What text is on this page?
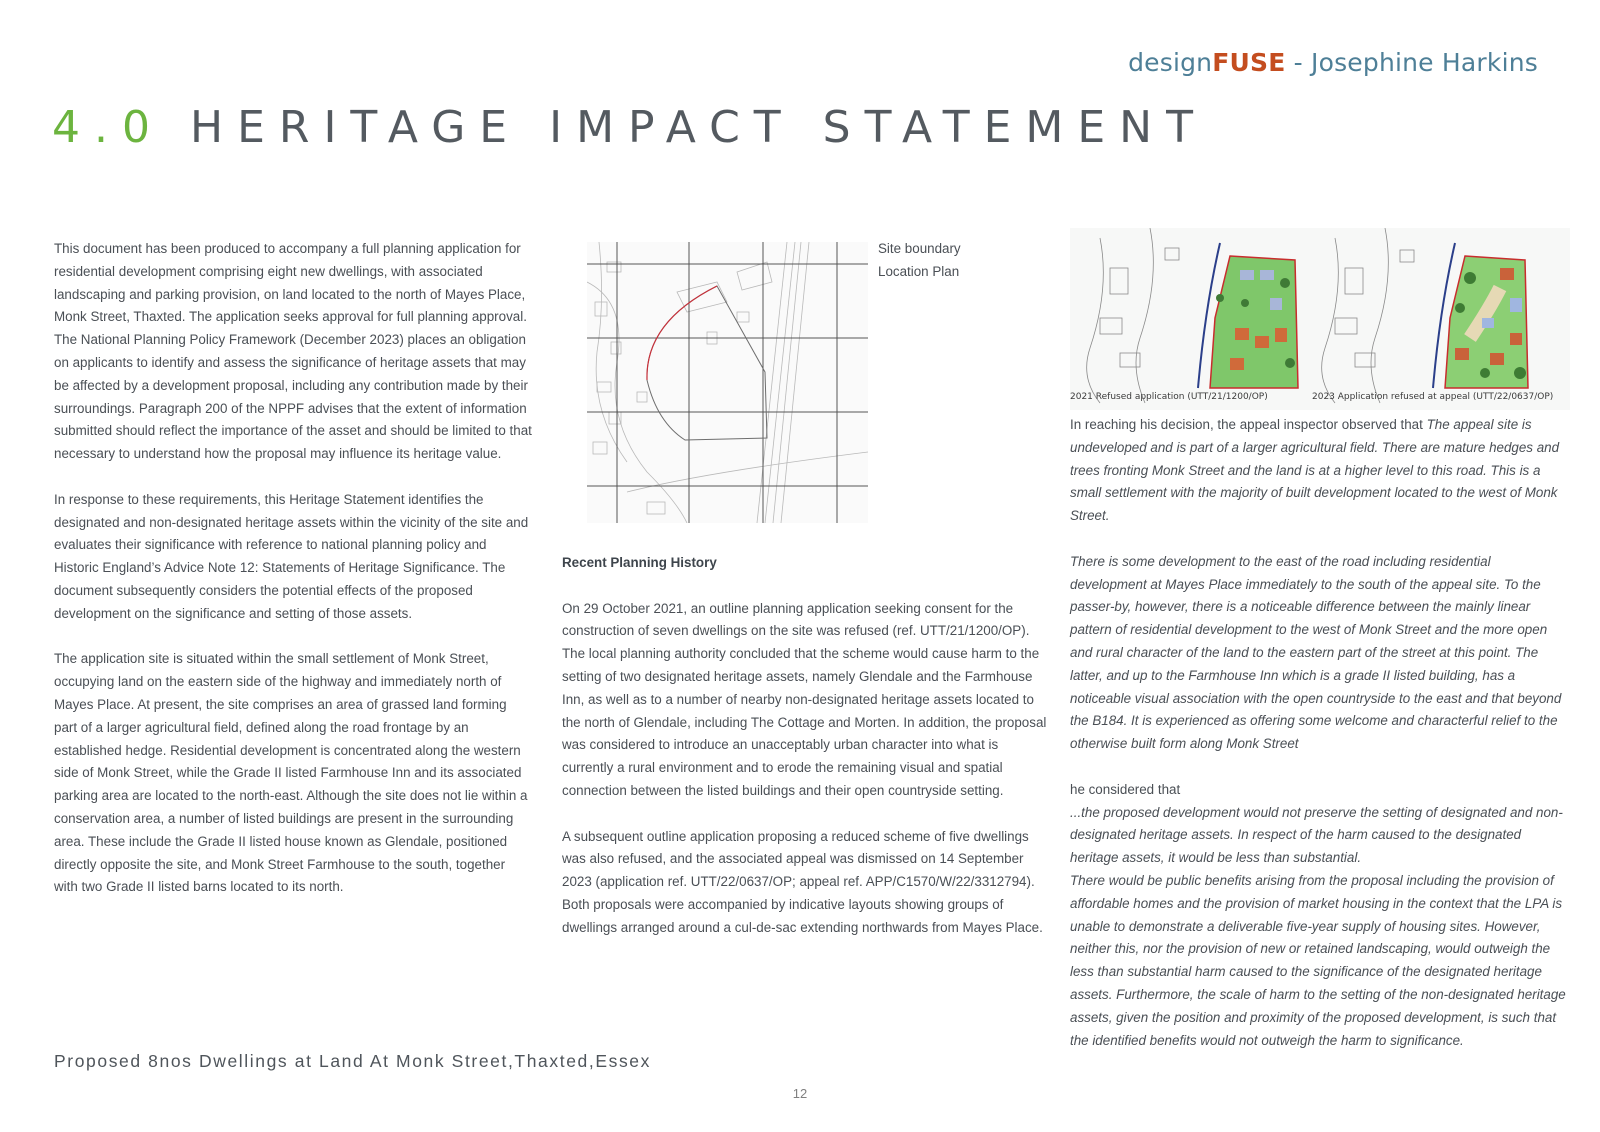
designFUSE - Josephine Harkins
4.0 HERITAGE IMPACT STATEMENT

This document has been produced to accompany a full planning application for residential development comprising eight new dwellings, with associated landscaping and parking provision, on land located to the north of Mayes Place, Monk Street, Thaxted. The application seeks approval for full planning approval.

The National Planning Policy Framework (December 2023) places an obligation on applicants to identify and assess the significance of heritage assets that may be affected by a development proposal, including any contribution made by their surroundings. Paragraph 200 of the NPPF advises that the extent of information submitted should reflect the importance of the asset and should be limited to that necessary to understand how the proposal may influence its heritage value.

In response to these requirements, this Heritage Statement identifies the designated and non-designated heritage assets within the vicinity of the site and evaluates their significance with reference to national planning policy and Historic England’s Advice Note 12: Statements of Heritage Significance. The document subsequently considers the potential effects of the proposed development on the significance and setting of those assets.

The application site is situated within the small settlement of Monk Street, occupying land on the eastern side of the highway and immediately north of Mayes Place. At present, the site comprises an area of grassed land forming part of a larger agricultural field, defined along the road frontage by an established hedge. Residential development is concentrated along the western side of Monk Street, while the Grade II listed Farmhouse Inn and its associated parking area are located to the north-east. Although the site does not lie within a conservation area, a number of listed buildings are present in the surrounding area. These include the Grade II listed house known as Glendale, positioned directly opposite the site, and Monk Street Farmhouse to the south, together with two Grade II listed barns located to its north.

Site boundary
Location Plan

Recent Planning History

On 29 October 2021, an outline planning application seeking consent for the construction of seven dwellings on the site was refused (ref. UTT/21/1200/OP). The local planning authority concluded that the scheme would cause harm to the setting of two designated heritage assets, namely Glendale and the Farmhouse Inn, as well as to a number of nearby non-designated heritage assets located to the north of Glendale, including The Cottage and Morten. In addition, the proposal was considered to introduce an unacceptably urban character into what is currently a rural environment and to erode the remaining visual and spatial connection between the listed buildings and their open countryside setting.

A subsequent outline application proposing a reduced scheme of five dwellings was also refused, and the associated appeal was dismissed on 14 September 2023 (application ref. UTT/22/0637/OP; appeal ref. APP/C1570/W/22/3312794). Both proposals were accompanied by indicative layouts showing groups of dwellings arranged around a cul-de-sac extending northwards from Mayes Place.

2021 Refused application (UTT/21/1200/OP)	2023 Application refused at appeal (UTT/22/0637/OP)

In reaching his decision, the appeal inspector observed that The appeal site is undeveloped and is part of a larger agricultural field. There are mature hedges and trees fronting Monk Street and the land is at a higher level to this road. This is a small settlement with the majority of built development located to the west of Monk Street.

There is some development to the east of the road including residential development at Mayes Place immediately to the south of the appeal site. To the passer-by, however, there is a noticeable difference between the mainly linear pattern of residential development to the west of Monk Street and the more open and rural character of the land to the eastern part of the street at this point. The latter, and up to the Farmhouse Inn which is a grade II listed building, has a noticeable visual association with the open countryside to the east and that beyond the B184. It is experienced as offering some welcome and characterful relief to the otherwise built form along Monk Street

he considered that

...the proposed development would not preserve the setting of designated and non-designated heritage assets. In respect of the harm caused to the designated heritage assets, it would be less than substantial.

There would be public benefits arising from the proposal including the provision of affordable homes and the provision of market housing in the context that the LPA is unable to demonstrate a deliverable five-year supply of housing sites. However, neither this, nor the provision of new or retained landscaping, would outweigh the less than substantial harm caused to the significance of the designated heritage assets. Furthermore, the scale of harm to the setting of the non-designated heritage assets, given the position and proximity of the proposed development, is such that the identified benefits would not outweigh the harm to significance.

Proposed 8nos Dwellings at Land At Monk Street,Thaxted,Essex
12
